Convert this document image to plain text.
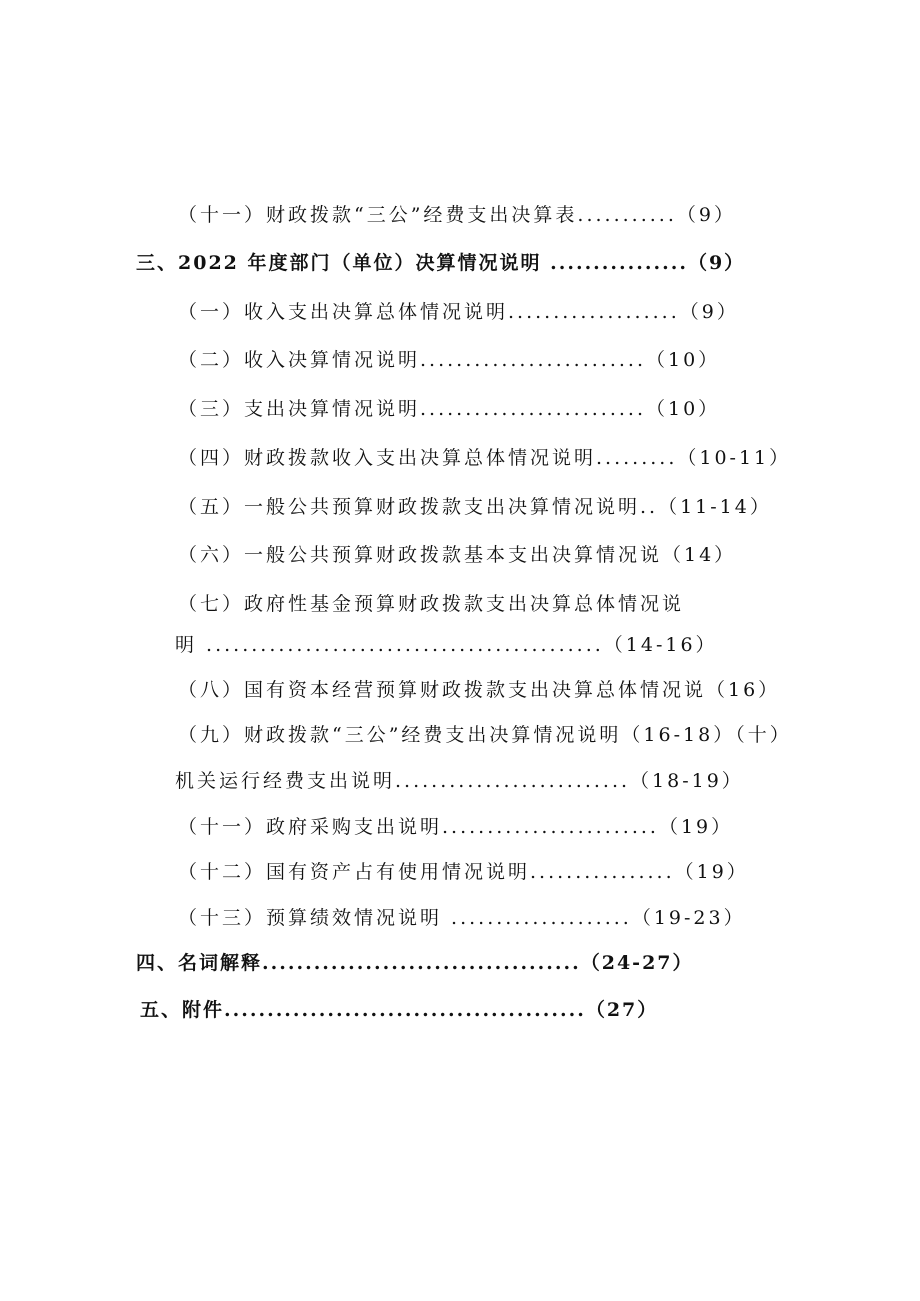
（十一）财政拨款“三公”经费支出决算表...........（9）
三、2022 年度部门（单位）决算情况说明 ................（9）
（一）收入支出决算总体情况说明...................（9）
（二）收入决算情况说明.........................（10）
（三）支出决算情况说明.........................（10）
（四）财政拨款收入支出决算总体情况说明.........（10-11）
（五）一般公共预算财政拨款支出决算情况说明..（11-14）
（六）一般公共预算财政拨款基本支出决算情况说（14）
（七）政府性基金预算财政拨款支出决算总体情况说
明 ............................................（14-16）
（八）国有资本经营预算财政拨款支出决算总体情况说（16）
（九）财政拨款“三公”经费支出决算情况说明（16-18）（十）
机关运行经费支出说明..........................（18-19）
（十一）政府采购支出说明........................（19）
（十二）国有资产占有使用情况说明................（19）
（十三）预算绩效情况说明 ....................（19-23）
四、名词解释.....................................（24-27）
五、附件..........................................（27）
